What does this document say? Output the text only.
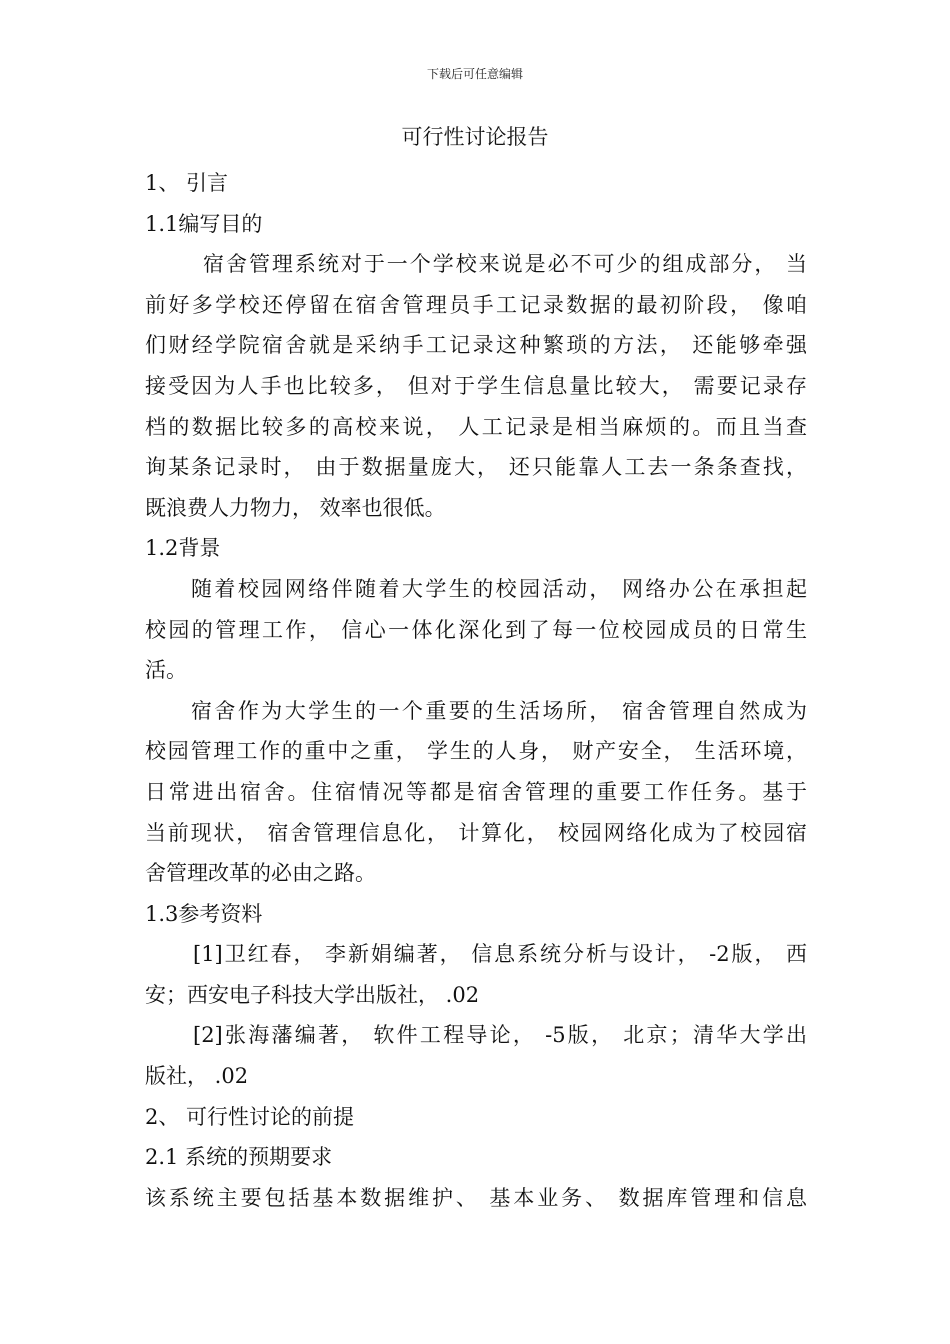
下载后可任意编辑
可行性讨论报告
1、 引言
1.1编写目的
宿舍管理系统对于一个学校来说是必不可少的组成部分， 当
前好多学校还停留在宿舍管理员手工记录数据的最初阶段， 像咱
们财经学院宿舍就是采纳手工记录这种繁琐的方法， 还能够牵强
接受因为人手也比较多， 但对于学生信息量比较大， 需要记录存
档的数据比较多的高校来说， 人工记录是相当麻烦的。而且当查
询某条记录时， 由于数据量庞大， 还只能靠人工去一条条查找，
既浪费人力物力， 效率也很低。
1.2背景
随着校园网络伴随着大学生的校园活动， 网络办公在承担起
校园的管理工作， 信心一体化深化到了每一位校园成员的日常生
活。
宿舍作为大学生的一个重要的生活场所， 宿舍管理自然成为
校园管理工作的重中之重， 学生的人身， 财产安全， 生活环境，
日常进出宿舍。住宿情况等都是宿舍管理的重要工作任务。基于
当前现状， 宿舍管理信息化， 计算化， 校园网络化成为了校园宿
舍管理改革的必由之路。
1.3参考资料
[1]卫红春， 李新娟编著， 信息系统分析与设计， -2版， 西
安；西安电子科技大学出版社， .02
[2]张海藩编著， 软件工程导论， -5版， 北京；清华大学出
版社， .02
2、 可行性讨论的前提
2.1 系统的预期要求
该系统主要包括基本数据维护、 基本业务、 数据库管理和信息
